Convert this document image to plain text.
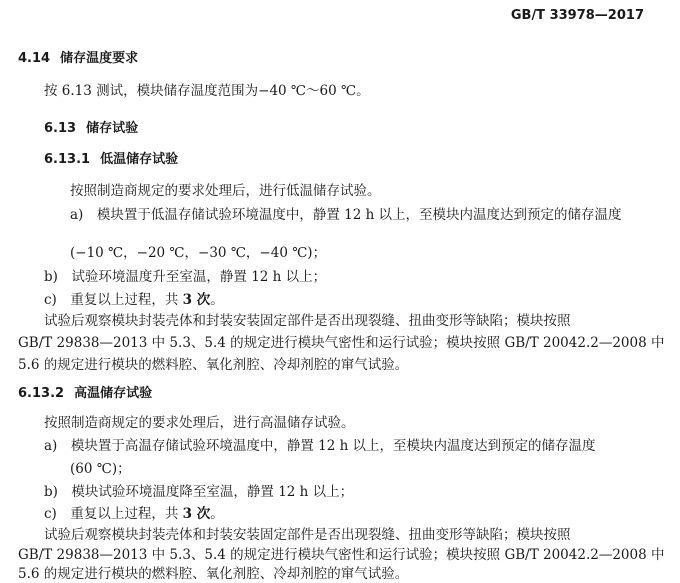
GB/T 33978—2017
4.14 储存温度要求
按 6.13 测试，模块储存温度范围为−40 ℃～60 ℃。
6.13 储存试验
6.13.1 低温储存试验
按照制造商规定的要求处理后，进行低温储存试验。
a)　模块置于低温存储试验环境温度中，静置 12 h 以上，至模块内温度达到预定的储存温度
(−10 ℃，−20 ℃，−30 ℃，−40 ℃)；
b)　试验环境温度升至室温，静置 12 h 以上；
c)　重复以上过程，共 3 次。
试验后观察模块封装壳体和封装安装固定部件是否出现裂缝、扭曲变形等缺陷；模块按照
GB/T 29838—2013 中 5.3、5.4 的规定进行模块气密性和运行试验；模块按照 GB/T 20042.2—2008 中
5.6 的规定进行模块的燃料腔、氧化剂腔、冷却剂腔的窜气试验。
6.13.2 高温储存试验
按照制造商规定的要求处理后，进行高温储存试验。
a)　模块置于高温存储试验环境温度中，静置 12 h 以上，至模块内温度达到预定的储存温度
(60 ℃)；
b)　模块试验环境温度降至室温，静置 12 h 以上；
c)　重复以上过程，共 3 次。
试验后观察模块封装壳体和封装安装固定部件是否出现裂缝、扭曲变形等缺陷；模块按照
GB/T 29838—2013 中 5.3、5.4 的规定进行模块气密性和运行试验；模块按照 GB/T 20042.2—2008 中
5.6 的规定进行模块的燃料腔、氧化剂腔、冷却剂腔的窜气试验。
